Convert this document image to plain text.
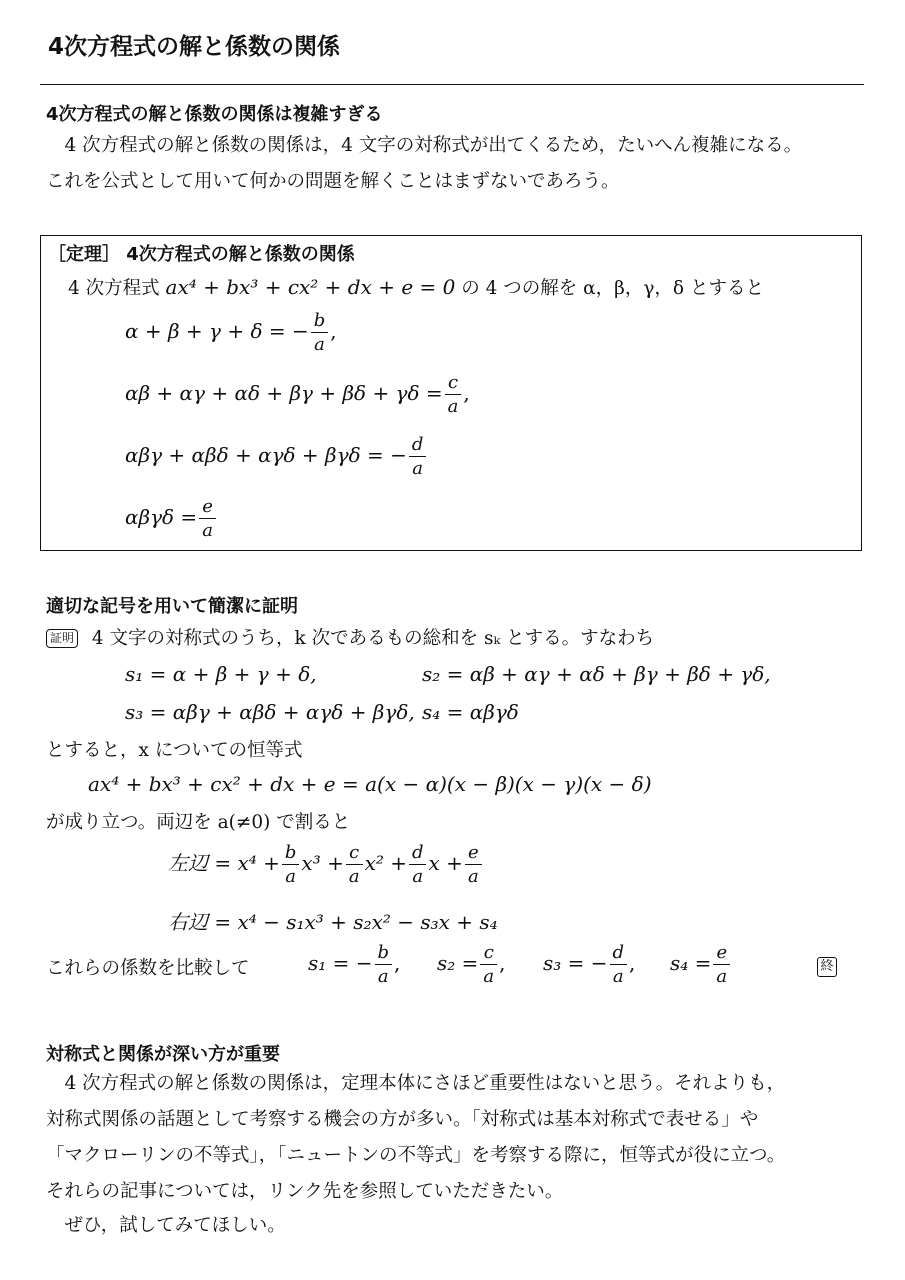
4次方程式の解と係数の関係
4次方程式の解と係数の関係は複雑すぎる
　4 次方程式の解と係数の関係は，4 文字の対称式が出てくるため，たいへん複雑になる。
これを公式として用いて何かの問題を解くことはまずないであろう。
［定理］ 4次方程式の解と係数の関係
4 次方程式 ax⁴ + bx³ + cx² + dx + e = 0 の 4 つの解を α，β，γ，δ とすると
α + β + γ + δ = − $\frac{b}{a}$ ,
$\alpha\beta + \alpha\gamma + \alpha\delta + \beta\gamma + \beta\delta + \gamma\delta = \frac{c}{a}$ ,
αβγ + αβδ + αγδ + βγδ = − $\frac{d}{a}$
$\alpha\beta\gamma\delta = \frac{e}{a}$
適切な記号を用いて簡潔に証明
証明 4 文字の対称式のうち，k 次であるもの総和を sₖ とする。すなわち
s₁ = α + β + γ + δ,	s₂ = αβ + αγ + αδ + βγ + βδ + γδ,
s₃ = αβγ + αβδ + αγδ + βγδ, s₄ = αβγδ
とすると，x についての恒等式
ax⁴ + bx³ + cx² + dx + e = a(x − α)(x − β)(x − γ)(x − δ)
が成り立つ。両辺を a(≠0) で割ると
左辺 = $x^4 + \frac{b}{a} x^3 + \frac{c}{a} x^2 + \frac{d}{a}$ $x + \frac{e}{a}$
右辺 = x⁴ − s₁x³ + s₂x² − s₃x + s₄
これらの係数を比較して	s₁ = − $\frac{b}{a}$ , $s_2 = \frac{c}{a}$ , s₃ = − $\frac{d}{a}$ , $s_4 = \frac{e}{a}$	終
対称式と関係が深い方が重要
　4 次方程式の解と係数の関係は，定理本体にさほど重要性はないと思う。それよりも，
対称式関係の話題として考察する機会の方が多い。「対称式は基本対称式で表せる」や
「マクローリンの不等式」，「ニュートンの不等式」を考察する際に，恒等式が役に立つ。
それらの記事については，リンク先を参照していただきたい。
　ぜひ，試してみてほしい。
